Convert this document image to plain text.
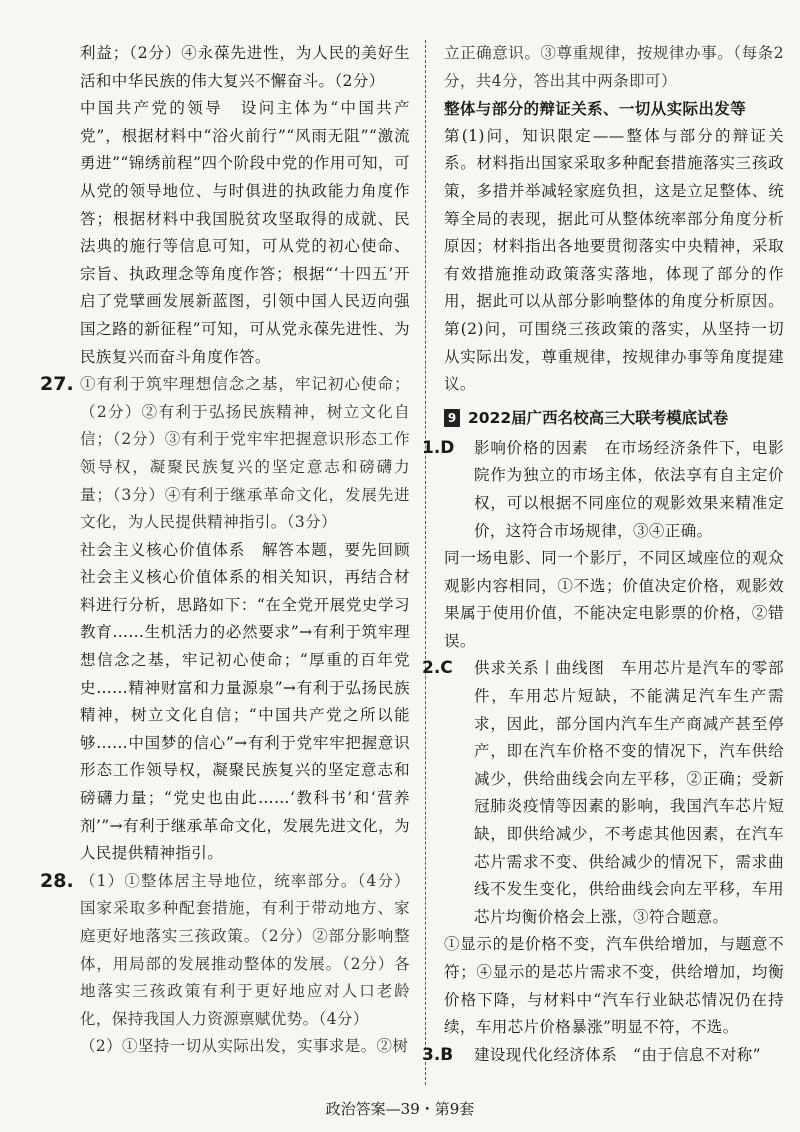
利益；（2分）④永葆先进性，为人民的美好生活和中华民族的伟大复兴不懈奋斗。（2分）

中国共产党的领导　设问主体为“中国共产党”，根据材料中“浴火前行”“风雨无阻”“激流勇进”“锦绣前程”四个阶段中党的作用可知，可从党的领导地位、与时俱进的执政能力角度作答；根据材料中我国脱贫攻坚取得的成就、民法典的施行等信息可知，可从党的初心使命、宗旨、执政理念等角度作答；根据“‘十四五’开启了党擘画发展新蓝图，引领中国人民迈向强国之路的新征程”可知，可从党永葆先进性、为民族复兴而奋斗角度作答。

27. ①有利于筑牢理想信念之基，牢记初心使命；（2分）②有利于弘扬民族精神，树立文化自信；（2分）③有利于党牢牢把握意识形态工作领导权，凝聚民族复兴的坚定意志和磅礴力量；（3分）④有利于继承革命文化，发展先进文化，为人民提供精神指引。（3分）

社会主义核心价值体系　解答本题，要先回顾社会主义核心价值体系的相关知识，再结合材料进行分析，思路如下：“在全党开展党史学习教育……生机活力的必然要求”→有利于筑牢理想信念之基，牢记初心使命；“厚重的百年党史……精神财富和力量源泉”→有利于弘扬民族精神，树立文化自信；“中国共产党之所以能够……中国梦的信心”→有利于党牢牢把握意识形态工作领导权，凝聚民族复兴的坚定意志和磅礴力量；“党史也由此……‘教科书’和‘营养剂’”→有利于继承革命文化，发展先进文化，为人民提供精神指引。

28. （1）①整体居主导地位，统率部分。（4分）国家采取多种配套措施，有利于带动地方、家庭更好地落实三孩政策。（2分）②部分影响整体，用局部的发展推动整体的发展。（2分）各地落实三孩政策有利于更好地应对人口老龄化，保持我国人力资源禀赋优势。（4分）

（2）①坚持一切从实际出发，实事求是。②树

立正确意识。③尊重规律，按规律办事。（每条2分，共4分，答出其中两条即可）

整体与部分的辩证关系、一切从实际出发等

第(1)问，知识限定——整体与部分的辩证关系。材料指出国家采取多种配套措施落实三孩政策，多措并举减轻家庭负担，这是立足整体、统筹全局的表现，据此可从整体统率部分角度分析原因；材料指出各地要贯彻落实中央精神，采取有效措施推动政策落实落地，体现了部分的作用，据此可以从部分影响整体的角度分析原因。第(2)问，可围绕三孩政策的落实，从坚持一切从实际出发，尊重规律，按规律办事等角度提建议。

9 2022届广西名校高三大联考模底试卷
1.D	影响价格的因素　在市场经济条件下，电影院作为独立的市场主体，依法享有自主定价权，可以根据不同座位的观影效果来精准定价，这符合市场规律，③④正确。

同一场电影、同一个影厅，不同区域座位的观众观影内容相同，①不选；价值决定价格，观影效果属于使用价值，不能决定电影票的价格，②错误。

2.C	供求关系丨曲线图　车用芯片是汽车的零部件，车用芯片短缺，不能满足汽车生产需求，因此，部分国内汽车生产商减产甚至停产，即在汽车价格不变的情况下，汽车供给减少，供给曲线会向左平移，②正确；受新冠肺炎疫情等因素的影响，我国汽车芯片短缺，即供给减少，不考虑其他因素，在汽车芯片需求不变、供给减少的情况下，需求曲线不发生变化，供给曲线会向左平移，车用芯片均衡价格会上涨，③符合题意。

①显示的是价格不变，汽车供给增加，与题意不符；④显示的是芯片需求不变，供给增加，均衡价格下降，与材料中“汽车行业缺芯情况仍在持续，车用芯片价格暴涨”明显不符，不选。

3.B	建设现代化经济体系　“由于信息不对称”

政治答案—39・第9套
